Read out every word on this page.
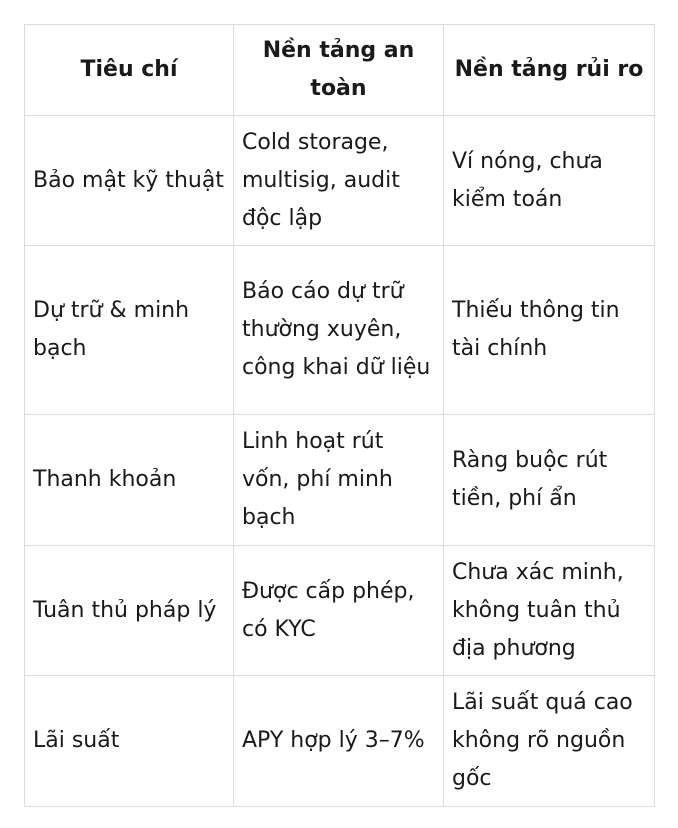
Tiêu chí	Nền tảng an toàn	Nền tảng rủi ro
Bảo mật kỹ thuật	Cold storage, multisig, audit độc lập	Ví nóng, chưa kiểm toán
Dự trữ & minh bạch	Báo cáo dự trữ thường xuyên, công khai dữ liệu	Thiếu thông tin tài chính
Thanh khoản	Linh hoạt rút vốn, phí minh bạch	Ràng buộc rút tiền, phí ẩn
Tuân thủ pháp lý	Được cấp phép, có KYC	Chưa xác minh, không tuân thủ địa phương
Lãi suất	APY hợp lý 3–7%	Lãi suất quá cao không rõ nguồn gốc
